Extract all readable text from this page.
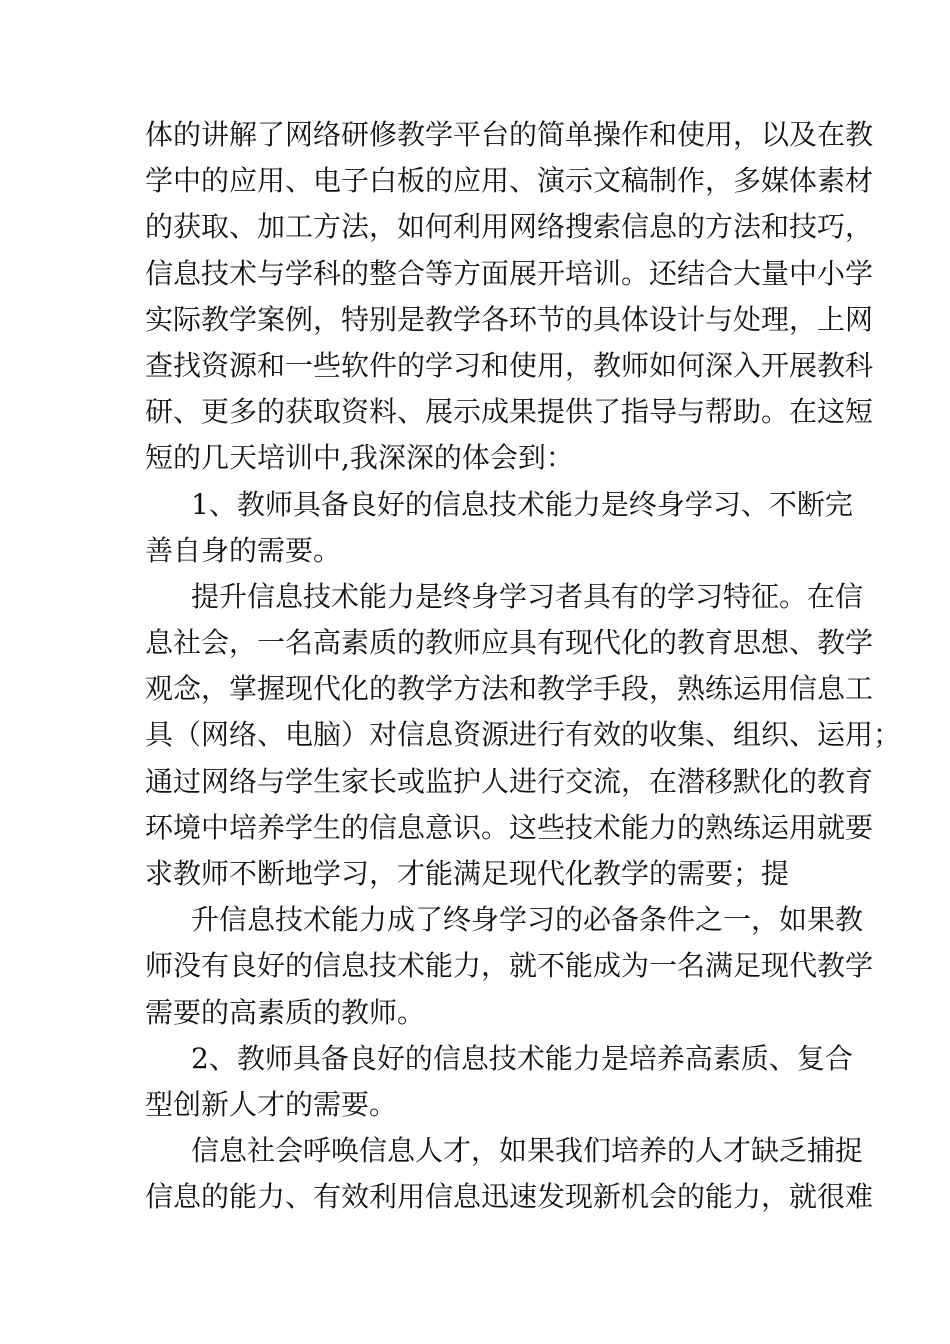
体的讲解了网络研修教学平台的简单操作和使用，以及在教
学中的应用、电子白板的应用、演示文稿制作，多媒体素材
的获取、加工方法，如何利用网络搜索信息的方法和技巧，
信息技术与学科的整合等方面展开培训。还结合大量中小学
实际教学案例，特别是教学各环节的具体设计与处理，上网
查找资源和一些软件的学习和使用，教师如何深入开展教科
研、更多的获取资料、展示成果提供了指导与帮助。在这短
短的几天培训中,我深深的体会到：
1、教师具备良好的信息技术能力是终身学习、不断完
善自身的需要。
提升信息技术能力是终身学习者具有的学习特征。在信
息社会，一名高素质的教师应具有现代化的教育思想、教学
观念，掌握现代化的教学方法和教学手段，熟练运用信息工
具（网络、电脑）对信息资源进行有效的收集、组织、运用；
通过网络与学生家长或监护人进行交流，在潜移默化的教育
环境中培养学生的信息意识。这些技术能力的熟练运用就要
求教师不断地学习，才能满足现代化教学的需要；提
升信息技术能力成了终身学习的必备条件之一，如果教
师没有良好的信息技术能力，就不能成为一名满足现代教学
需要的高素质的教师。
2、教师具备良好的信息技术能力是培养高素质、复合
型创新人才的需要。
信息社会呼唤信息人才，如果我们培养的人才缺乏捕捉
信息的能力、有效利用信息迅速发现新机会的能力，就很难
